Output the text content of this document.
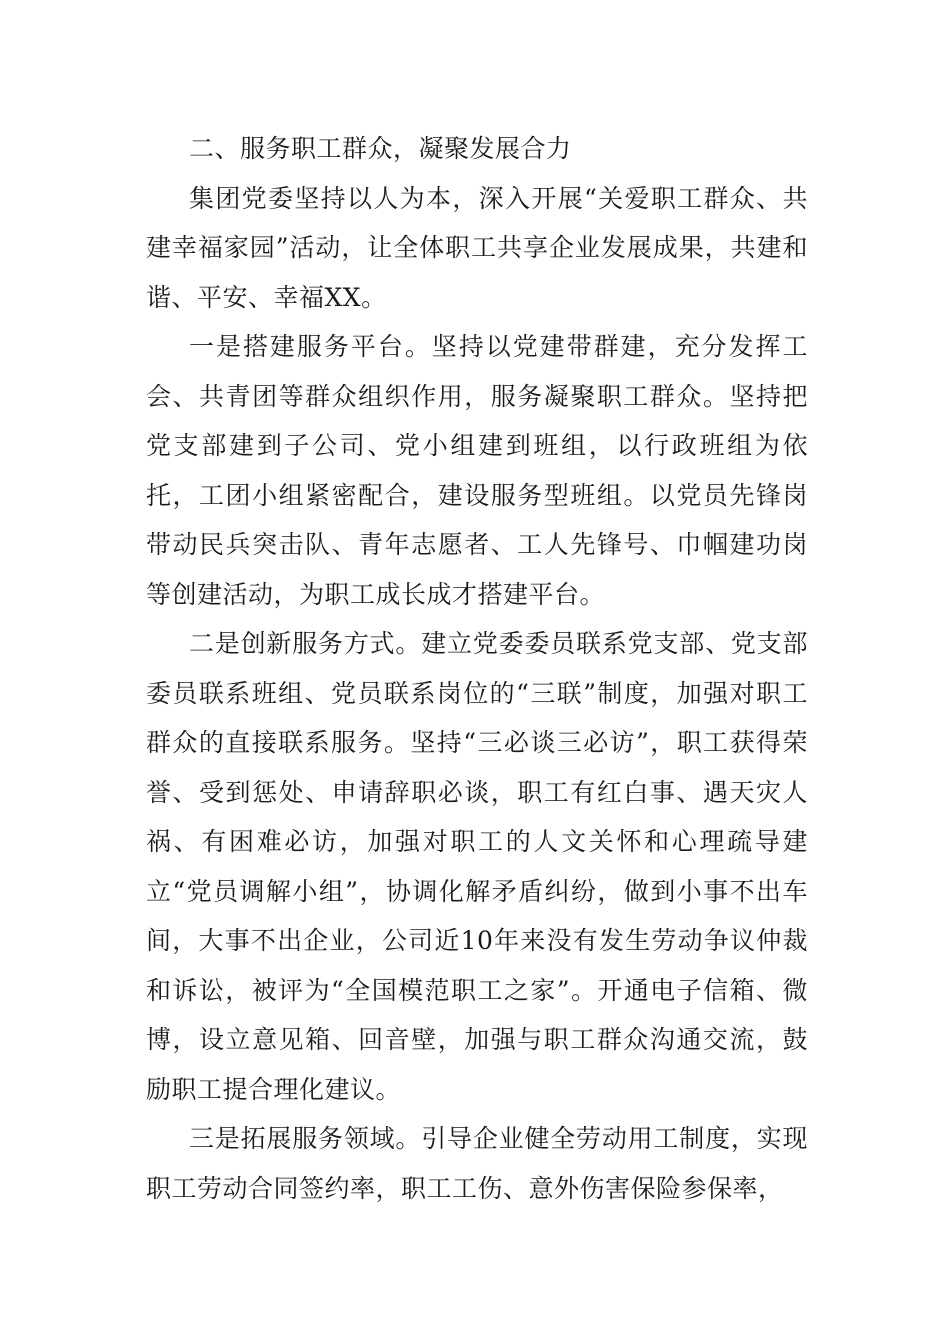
二、服务职工群众，凝聚发展合力

集团党委坚持以人为本，深入开展“关爱职工群众、共建幸福家园”活动，让全体职工共享企业发展成果，共建和谐、平安、幸福XX。

一是搭建服务平台。坚持以党建带群建，充分发挥工会、共青团等群众组织作用，服务凝聚职工群众。坚持把党支部建到子公司、党小组建到班组，以行政班组为依托，工团小组紧密配合，建设服务型班组。以党员先锋岗带动民兵突击队、青年志愿者、工人先锋号、巾帼建功岗等创建活动，为职工成长成才搭建平台。

二是创新服务方式。建立党委委员联系党支部、党支部委员联系班组、党员联系岗位的“三联”制度，加强对职工群众的直接联系服务。坚持“三必谈三必访”，职工获得荣誉、受到惩处、申请辞职必谈，职工有红白事、遇天灾人祸、有困难必访，加强对职工的人文关怀和心理疏导建立“党员调解小组”，协调化解矛盾纠纷，做到小事不出车间，大事不出企业，公司近10年来没有发生劳动争议仲裁和诉讼，被评为“全国模范职工之家”。开通电子信箱、微博，设立意见箱、回音壁，加强与职工群众沟通交流，鼓励职工提合理化建议。

三是拓展服务领域。引导企业健全劳动用工制度，实现职工劳动合同签约率，职工工伤、意外伤害保险参保率，
